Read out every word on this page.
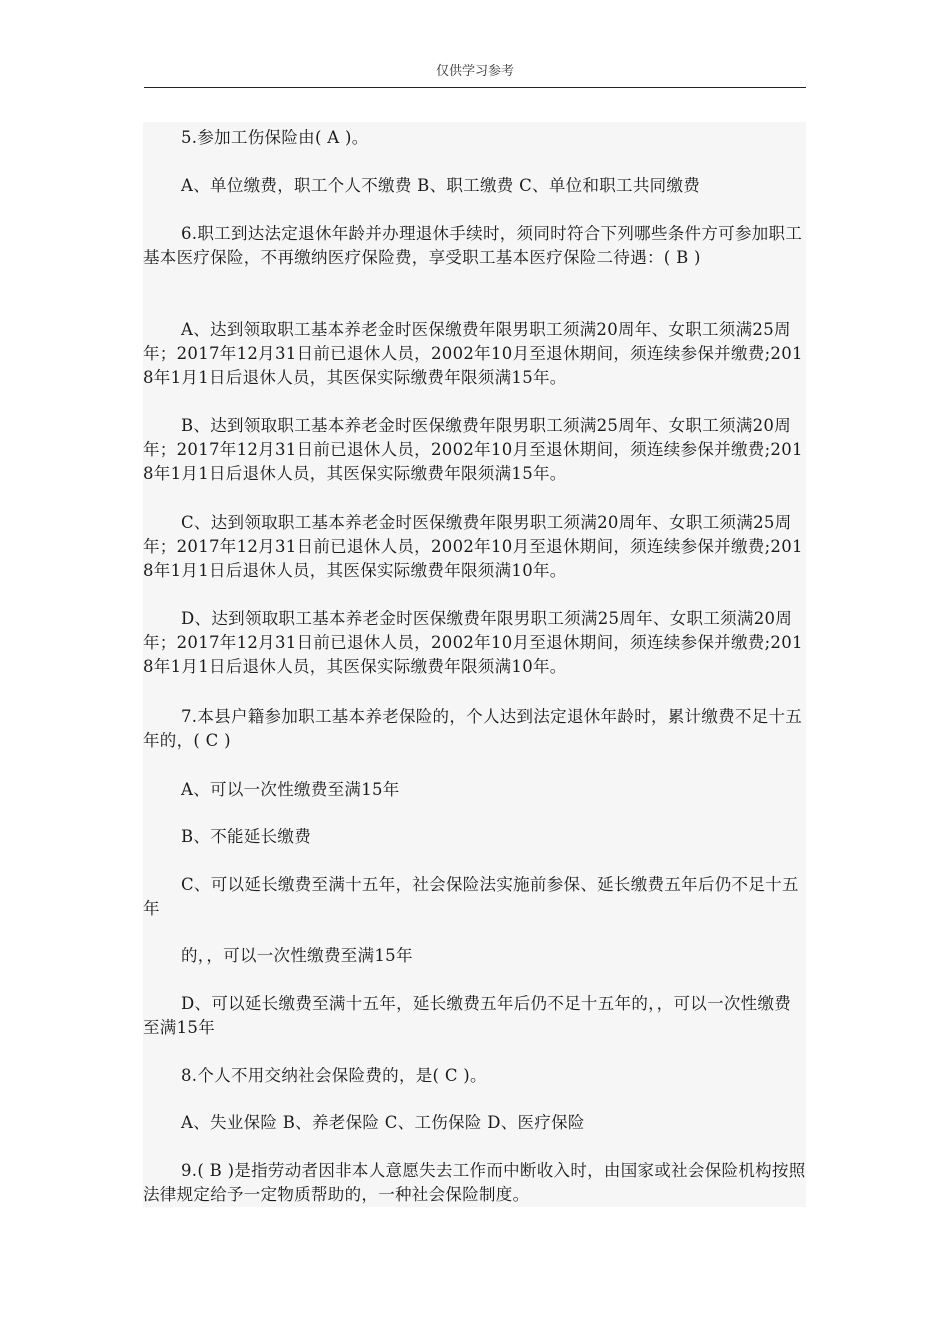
仅供学习参考

5.参加工伤保险由( A )。

A、单位缴费，职工个人不缴费 B、职工缴费 C、单位和职工共同缴费

6.职工到达法定退休年龄并办理退休手续时，须同时符合下列哪些条件方可参加职工基本医疗保险，不再缴纳医疗保险费，享受职工基本医疗保险二待遇：( B )

A、达到领取职工基本养老金时医保缴费年限男职工须满20周年、女职工须满25周年；2017年12月31日前已退休人员，2002年10月至退休期间，须连续参保并缴费;2018年1月1日后退休人员，其医保实际缴费年限须满15年。

B、达到领取职工基本养老金时医保缴费年限男职工须满25周年、女职工须满20周年；2017年12月31日前已退休人员，2002年10月至退休期间，须连续参保并缴费;2018年1月1日后退休人员，其医保实际缴费年限须满15年。

C、达到领取职工基本养老金时医保缴费年限男职工须满20周年、女职工须满25周年；2017年12月31日前已退休人员，2002年10月至退休期间，须连续参保并缴费;2018年1月1日后退休人员，其医保实际缴费年限须满10年。

D、达到领取职工基本养老金时医保缴费年限男职工须满25周年、女职工须满20周年；2017年12月31日前已退休人员，2002年10月至退休期间，须连续参保并缴费;2018年1月1日后退休人员，其医保实际缴费年限须满10年。

7.本县户籍参加职工基本养老保险的，个人达到法定退休年龄时，累计缴费不足十五年的，( C )

A、可以一次性缴费至满15年

B、不能延长缴费

C、可以延长缴费至满十五年，社会保险法实施前参保、延长缴费五年后仍不足十五年

的，，可以一次性缴费至满15年

D、可以延长缴费至满十五年，延长缴费五年后仍不足十五年的，，可以一次性缴费至满15年

8.个人不用交纳社会保险费的，是( C )。

A、失业保险 B、养老保险 C、工伤保险 D、医疗保险

9.( B )是指劳动者因非本人意愿失去工作而中断收入时，由国家或社会保险机构按照法律规定给予一定物质帮助的，一种社会保险制度。
